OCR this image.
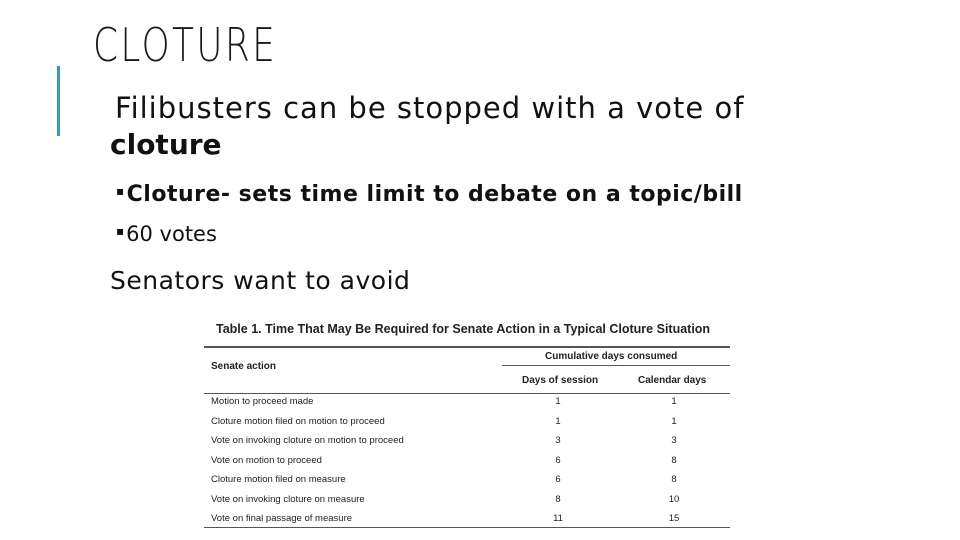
CLOTURE

Filibusters can be stopped with a vote of
cloture

▪Cloture- sets time limit to debate on a topic/bill

▪60 votes

Senators want to avoid

Table 1. Time That May Be Required for Senate Action in a Typical Cloture Situation

Senate action
Cumulative days consumed
Days of session	Calendar days
Motion to proceed made	1	1
Cloture motion filed on motion to proceed	1	1
Vote on invoking cloture on motion to proceed	3	3
Vote on motion to proceed	6	8
Cloture motion filed on measure	6	8
Vote on invoking cloture on measure	8	10
Vote on final passage of measure	11	15
